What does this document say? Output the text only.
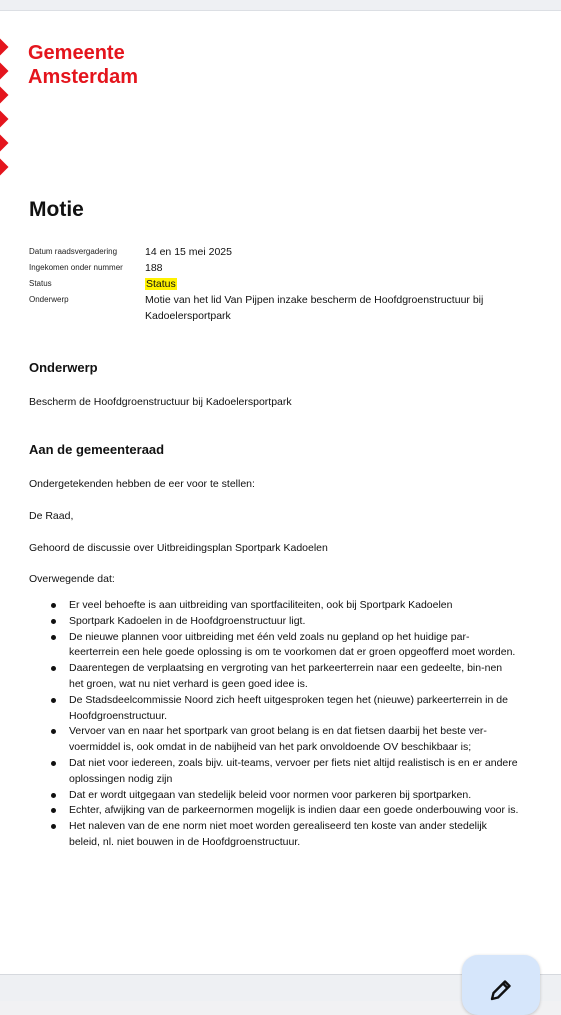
Gemeente
Amsterdam
Motie
Datum raadsvergadering	14 en 15 mei 2025
Ingekomen onder nummer	188
Status	Status
Onderwerp	Motie van het lid Van Pijpen inzake bescherm de Hoofdgroenstructuur bij Kadoelersportpark
Onderwerp
Bescherm de Hoofdgroenstructuur bij Kadoelersportpark
Aan de gemeenteraad
Ondergetekenden hebben de eer voor te stellen:
De Raad,
Gehoord de discussie over Uitbreidingsplan Sportpark Kadoelen
Overwegende dat:
Er veel behoefte is aan uitbreiding van sportfaciliteiten, ook bij Sportpark Kadoelen
Sportpark Kadoelen in de Hoofdgroenstructuur ligt.
De nieuwe plannen voor uitbreiding met één veld zoals nu gepland op het huidige par-keerterrein een hele goede oplossing is om te voorkomen dat er groen opgeofferd moet worden.
Daarentegen de verplaatsing en vergroting van het parkeerterrein naar een gedeelte, bin-nen het groen, wat nu niet verhard is geen goed idee is.
De Stadsdeelcommissie Noord zich heeft uitgesproken tegen het (nieuwe) parkeerterrein in de Hoofdgroenstructuur.
Vervoer van en naar het sportpark van groot belang is en dat fietsen daarbij het beste ver-voermiddel is, ook omdat in de nabijheid van het park onvoldoende OV beschikbaar is;
Dat niet voor iedereen, zoals bijv. uit-teams, vervoer per fiets niet altijd realistisch is en er andere oplossingen nodig zijn
Dat er wordt uitgegaan van stedelijk beleid voor normen voor parkeren bij sportparken.
Echter, afwijking van de parkeernormen mogelijk is indien daar een goede onderbouwing voor is.
Het naleven van de ene norm niet moet worden gerealiseerd ten koste van ander stedelijk beleid, nl. niet bouwen in de Hoofdgroenstructuur.
